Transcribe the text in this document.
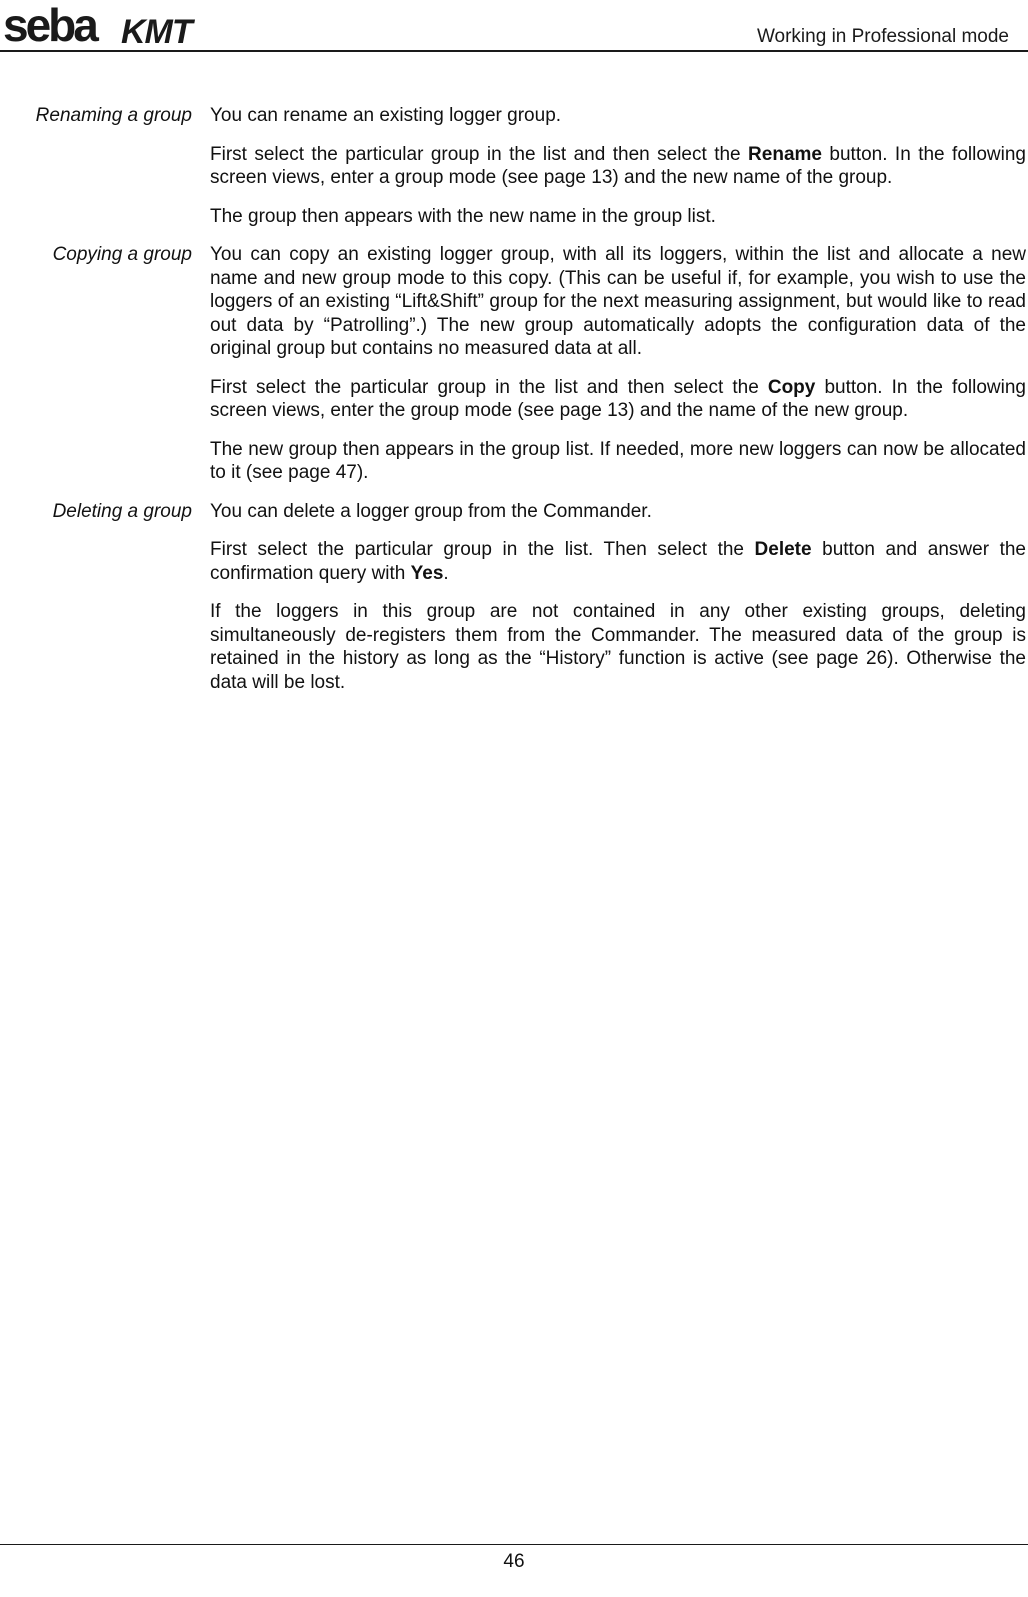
seba KMT	Working in Professional mode
Renaming a group You can rename an existing logger group.

First select the particular group in the list and then select the Rename button. In the following screen views, enter a group mode (see page 13) and the new name of the group.

The group then appears with the new name in the group list.

Copying a group You can copy an existing logger group, with all its loggers, within the list and allocate a new name and new group mode to this copy. (This can be useful if, for example, you wish to use the loggers of an existing “Lift&Shift” group for the next measuring assignment, but would like to read out data by “Patrolling”.) The new group automatically adopts the configuration data of the original group but contains no measured data at all.

First select the particular group in the list and then select the Copy button. In the following screen views, enter the group mode (see page 13) and the name of the new group.

The new group then appears in the group list. If needed, more new loggers can now be allocated to it (see page 47).

Deleting a group You can delete a logger group from the Commander.

First select the particular group in the list. Then select the Delete button and answer the confirmation query with Yes.

If the loggers in this group are not contained in any other existing groups, deleting simultaneously de-registers them from the Commander. The measured data of the group is retained in the history as long as the “History” function is active (see page 26). Otherwise the data will be lost.

46
